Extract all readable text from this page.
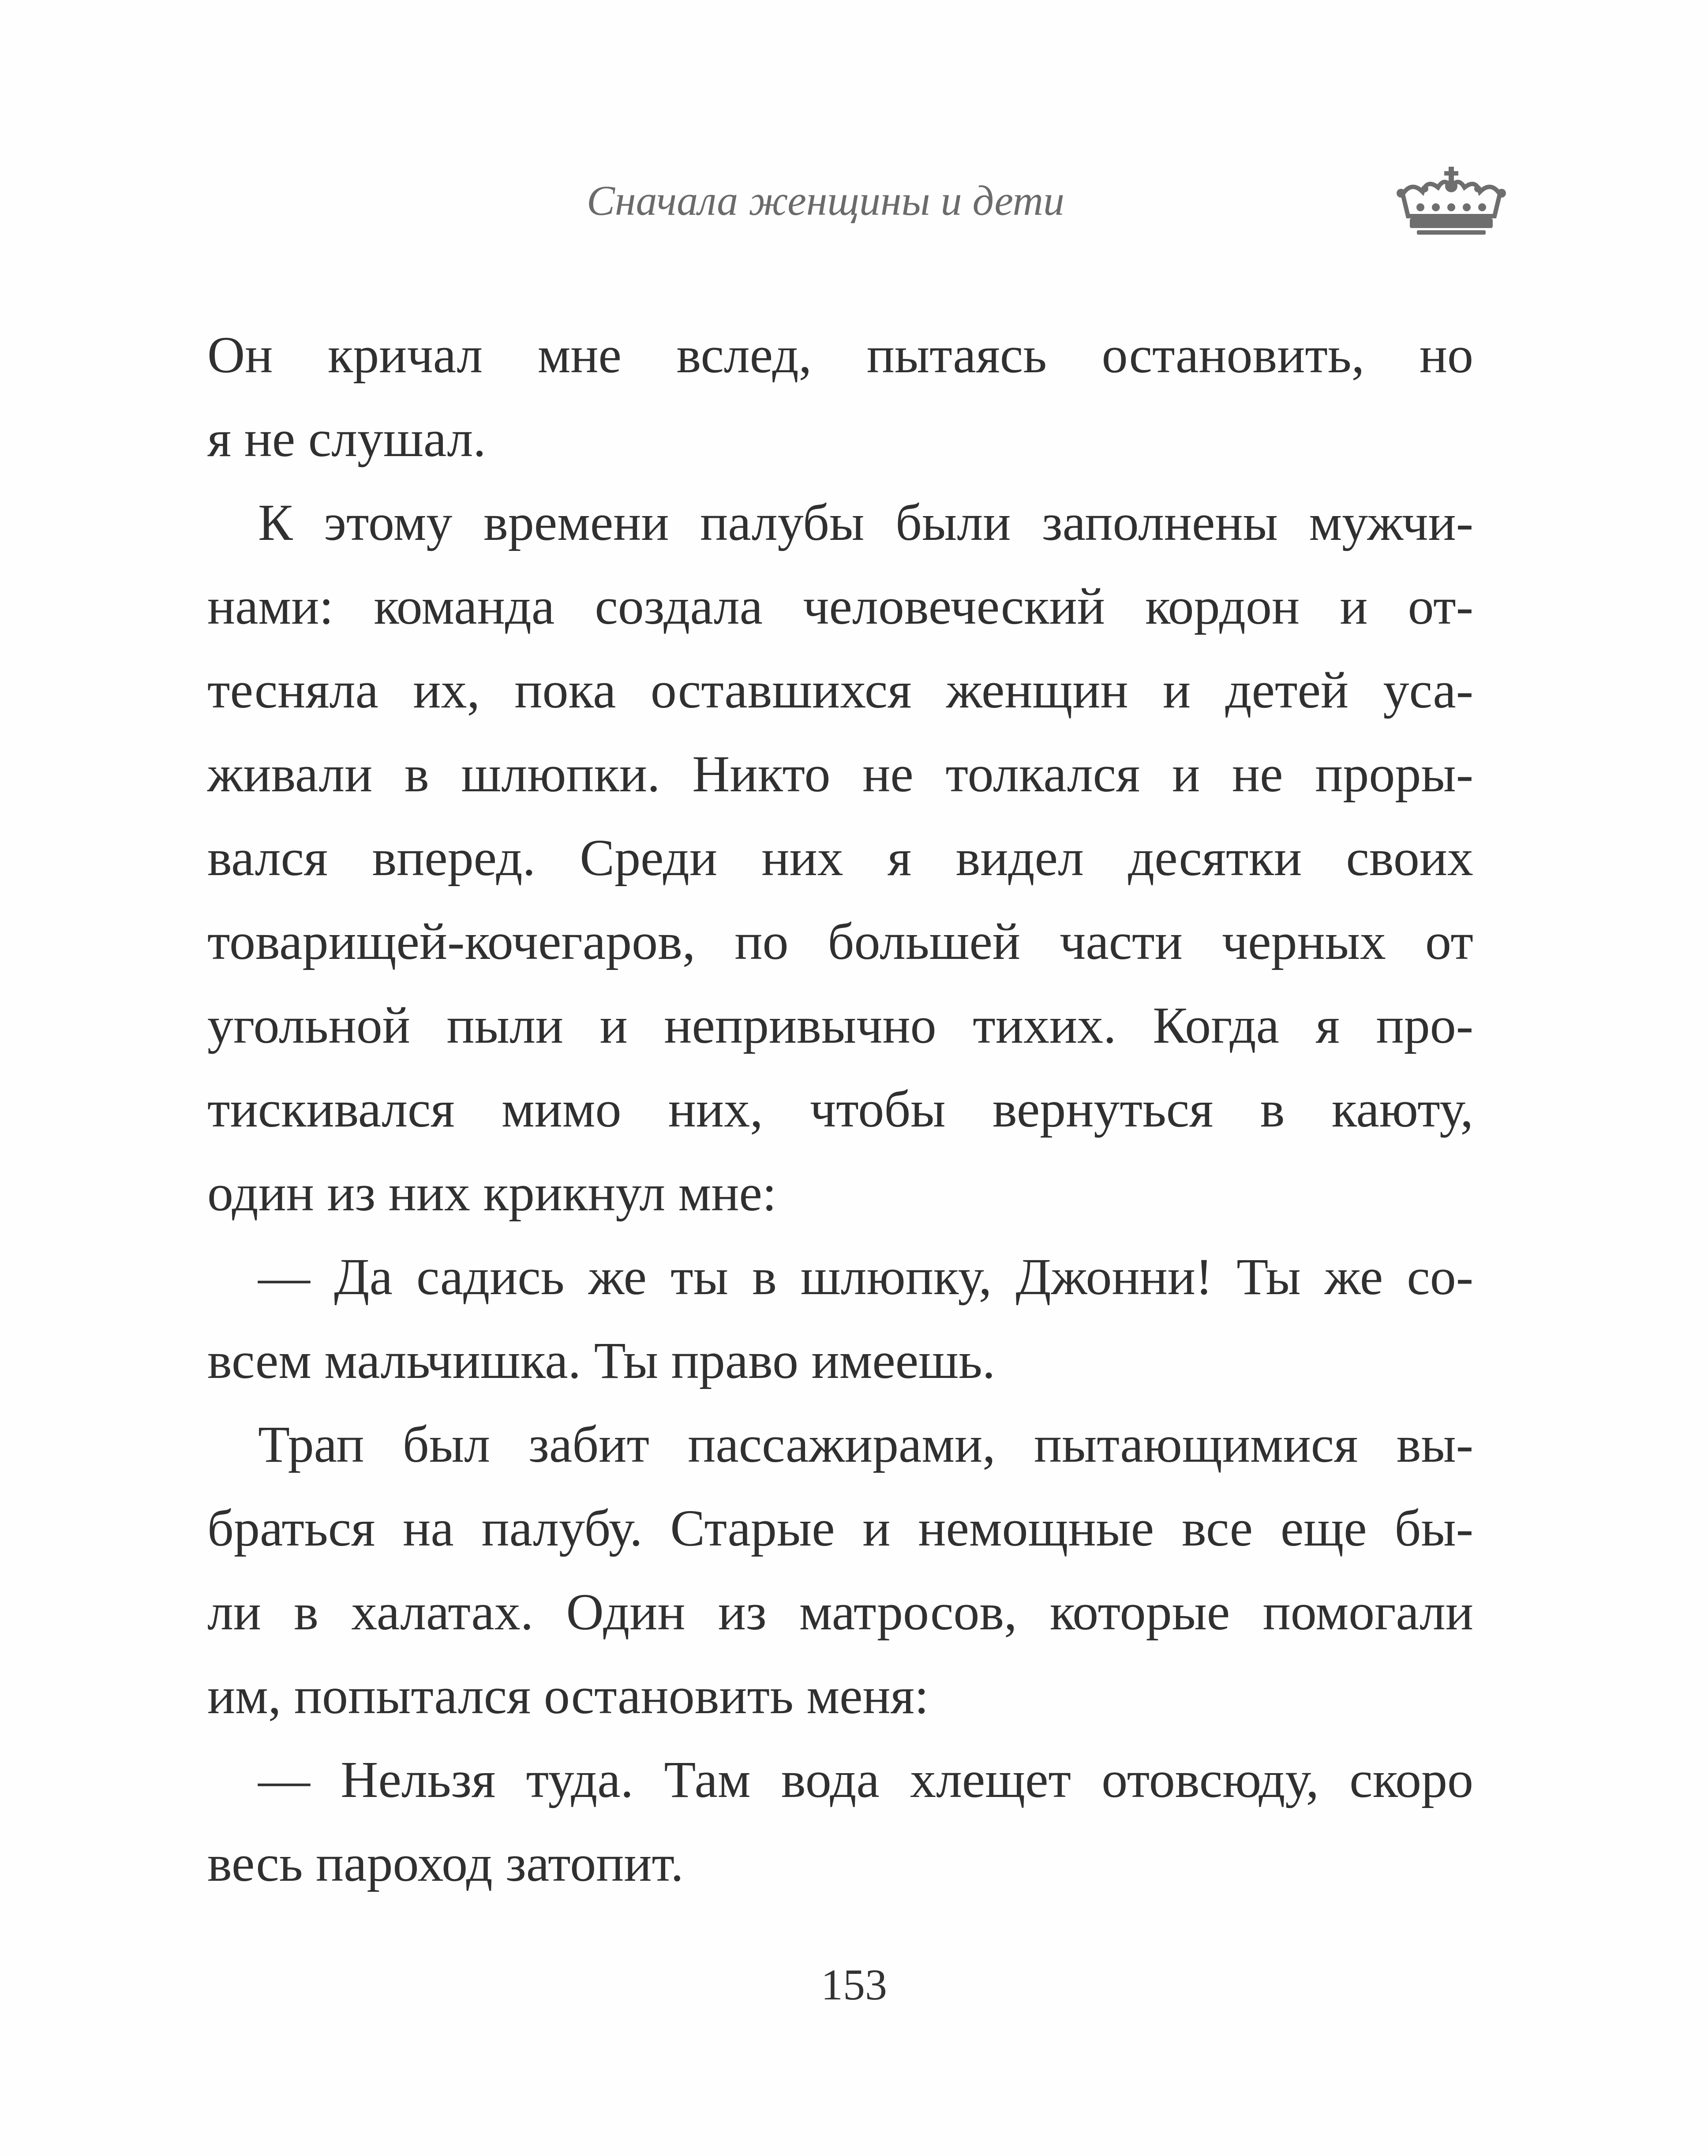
Сначала женщины и дети
Он кричал мне вслед, пытаясь остановить, но
я не слушал.
К этому времени палубы были заполнены мужчи-
нами: команда создала человеческий кордон и от-
тесняла их, пока оставшихся женщин и детей уса-
живали в шлюпки. Никто не толкался и не проры-
вался вперед. Среди них я видел десятки своих
товарищей-кочегаров, по большей части черных от
угольной пыли и непривычно тихих. Когда я про-
тискивался мимо них, чтобы вернуться в каюту,
один из них крикнул мне:
— Да садись же ты в шлюпку, Джонни! Ты же со-
всем мальчишка. Ты право имеешь.
Трап был забит пассажирами, пытающимися вы-
браться на палубу. Старые и немощные все еще бы-
ли в халатах. Один из матросов, которые помогали
им, попытался остановить меня:
— Нельзя туда. Там вода хлещет отовсюду, скоро
весь пароход затопит.
153
